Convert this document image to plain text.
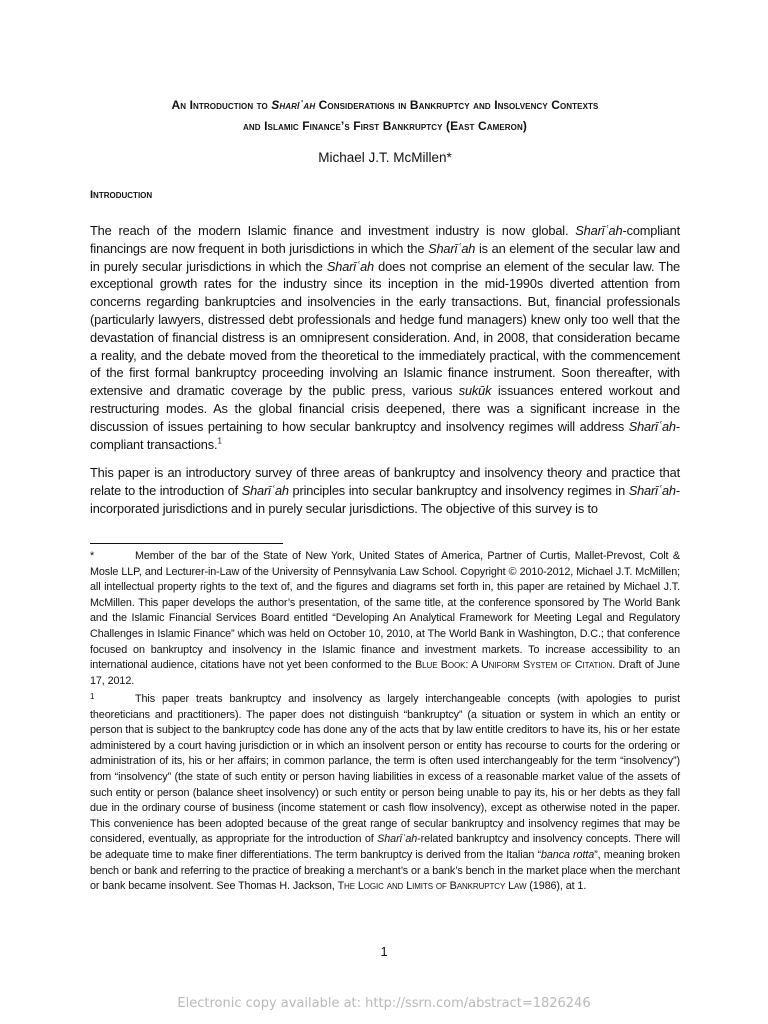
An Introduction to Sharīʿah Considerations in Bankruptcy and Insolvency Contexts
and Islamic Finance’s First Bankruptcy (East Cameron)
Michael J.T. McMillen*
Introduction
The reach of the modern Islamic finance and investment industry is now global. Sharīʿah-compliant financings are now frequent in both jurisdictions in which the Sharīʿah is an element of the secular law and in purely secular jurisdictions in which the Sharīʿah does not comprise an element of the secular law. The exceptional growth rates for the industry since its inception in the mid-1990s diverted attention from concerns regarding bankruptcies and insolvencies in the early transactions. But, financial professionals (particularly lawyers, distressed debt professionals and hedge fund managers) knew only too well that the devastation of financial distress is an omnipresent consideration. And, in 2008, that consideration became a reality, and the debate moved from the theoretical to the immediately practical, with the commencement of the first formal bankruptcy proceeding involving an Islamic finance instrument. Soon thereafter, with extensive and dramatic coverage by the public press, various sukūk issuances entered workout and restructuring modes. As the global financial crisis deepened, there was a significant increase in the discussion of issues pertaining to how secular bankruptcy and insolvency regimes will address Sharīʿah-compliant transactions.$^1$
This paper is an introductory survey of three areas of bankruptcy and insolvency theory and practice that relate to the introduction of Sharīʿah principles into secular bankruptcy and insolvency regimes in Sharīʿah-incorporated jurisdictions and in purely secular jurisdictions. The objective of this survey is to
*	Member of the bar of the State of New York, United States of America, Partner of Curtis, Mallet-Prevost, Colt & Mosle LLP, and Lecturer-in-Law of the University of Pennsylvania Law School. Copyright © 2010-2012, Michael J.T. McMillen; all intellectual property rights to the text of, and the figures and diagrams set forth in, this paper are retained by Michael J.T. McMillen. This paper develops the author’s presentation, of the same title, at the conference sponsored by The World Bank and the Islamic Financial Services Board entitled “Developing An Analytical Framework for Meeting Legal and Regulatory Challenges in Islamic Finance” which was held on October 10, 2010, at The World Bank in Washington, D.C.; that conference focused on bankruptcy and insolvency in the Islamic finance and investment markets. To increase accessibility to an international audience, citations have not yet been conformed to the Blue Book: A Uniform System of Citation. Draft of June 17, 2012.
1	This paper treats bankruptcy and insolvency as largely interchangeable concepts (with apologies to purist theoreticians and practitioners). The paper does not distinguish “bankruptcy” (a situation or system in which an entity or person that is subject to the bankruptcy code has done any of the acts that by law entitle creditors to have its, his or her estate administered by a court having jurisdiction or in which an insolvent person or entity has recourse to courts for the ordering or administration of its, his or her affairs; in common parlance, the term is often used interchangeably for the term “insolvency”) from “insolvency” (the state of such entity or person having liabilities in excess of a reasonable market value of the assets of such entity or person (balance sheet insolvency) or such entity or person being unable to pay its, his or her debts as they fall due in the ordinary course of business (income statement or cash flow insolvency), except as otherwise noted in the paper. This convenience has been adopted because of the great range of secular bankruptcy and insolvency regimes that may be considered, eventually, as appropriate for the introduction of Sharīʿah-related bankruptcy and insolvency concepts. There will be adequate time to make finer differentiations. The term bankruptcy is derived from the Italian “banca rotta”, meaning broken bench or bank and referring to the practice of breaking a merchant’s or a bank’s bench in the market place when the merchant or bank became insolvent. See Thomas H. Jackson, The Logic and Limits of Bankruptcy Law (1986), at 1.
1
Electronic copy available at: http://ssrn.com/abstract=1826246
